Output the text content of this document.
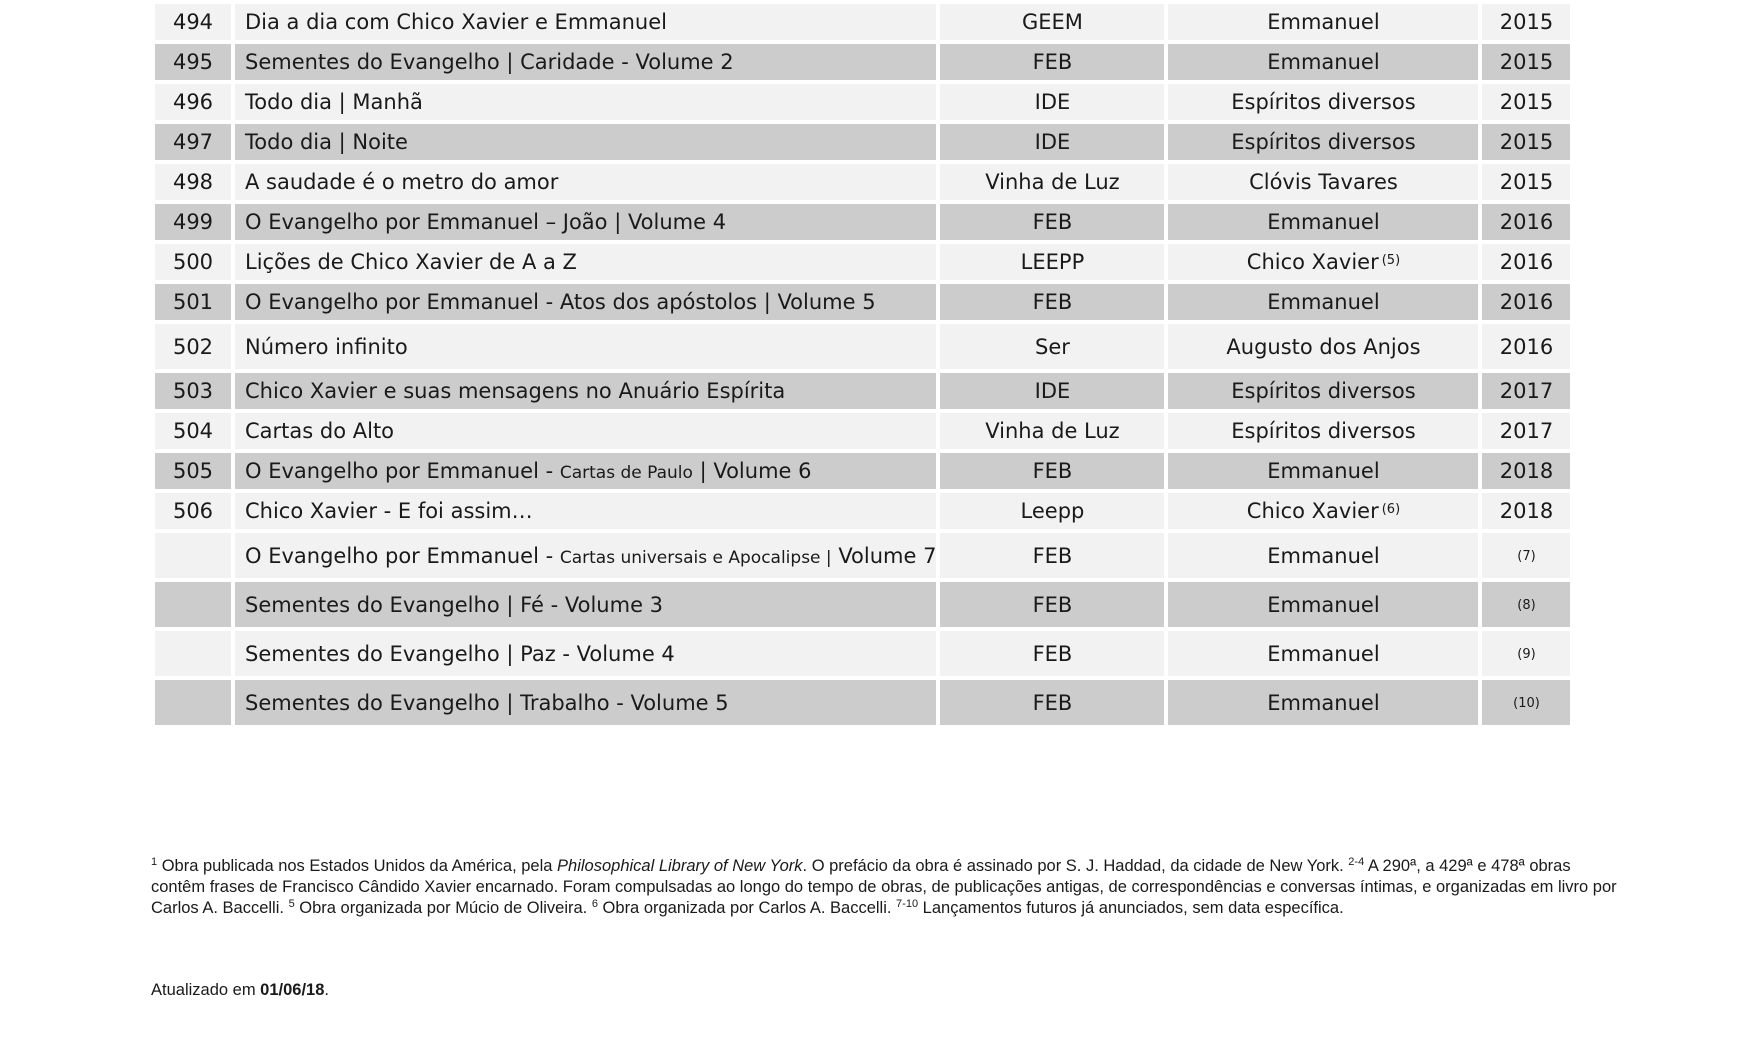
494	Dia a dia com Chico Xavier e Emmanuel	GEEM	Emmanuel	2015
495	Sementes do Evangelho | Caridade - Volume 2	FEB	Emmanuel	2015
496	Todo dia | Manhã	IDE	Espíritos diversos	2015
497	Todo dia | Noite	IDE	Espíritos diversos	2015
498	A saudade é o metro do amor	Vinha de Luz	Clóvis Tavares	2015
499	O Evangelho por Emmanuel – João | Volume 4	FEB	Emmanuel	2016
500	Lições de Chico Xavier de A a Z	LEEPP	Chico Xavier $^{(5)}$	2016
501	O Evangelho por Emmanuel - Atos dos apóstolos | Volume 5	FEB	Emmanuel	2016
502	Número infinito	Ser	Augusto dos Anjos	2016
503	Chico Xavier e suas mensagens no Anuário Espírita	IDE	Espíritos diversos	2017
504	Cartas do Alto	Vinha de Luz	Espíritos diversos	2017
505	O Evangelho por Emmanuel - Cartas de Paulo | Volume 6	FEB	Emmanuel	2018
506	Chico Xavier - E foi assim…	Leepp	Chico Xavier $^{(6)}$	2018
	O Evangelho por Emmanuel - Cartas universais e Apocalipse | Volume 7	FEB	Emmanuel	(7)
	Sementes do Evangelho | Fé - Volume 3	FEB	Emmanuel	(8)
	Sementes do Evangelho | Paz - Volume 4	FEB	Emmanuel	(9)
	Sementes do Evangelho | Trabalho - Volume 5	FEB	Emmanuel	(10)
$^1$ Obra publicada nos Estados Unidos da América, pela Philosophical Library of New York. O prefácio da obra é assinado por S. J. Haddad, da cidade de New York. $^{2-4}$ A 290ª, a 429ª e 478ª obras contêm frases de Francisco Cândido Xavier encarnado. Foram compulsadas ao longo do tempo de obras, de publicações antigas, de correspondências e conversas íntimas, e organizadas em livro por Carlos A. Baccelli. $^5$ Obra organizada por Múcio de Oliveira. $^6$ Obra organizada por Carlos A. Baccelli. $^{7-10}$ Lançamentos futuros já anunciados, sem data específica.
Atualizado em 01/06/18.
